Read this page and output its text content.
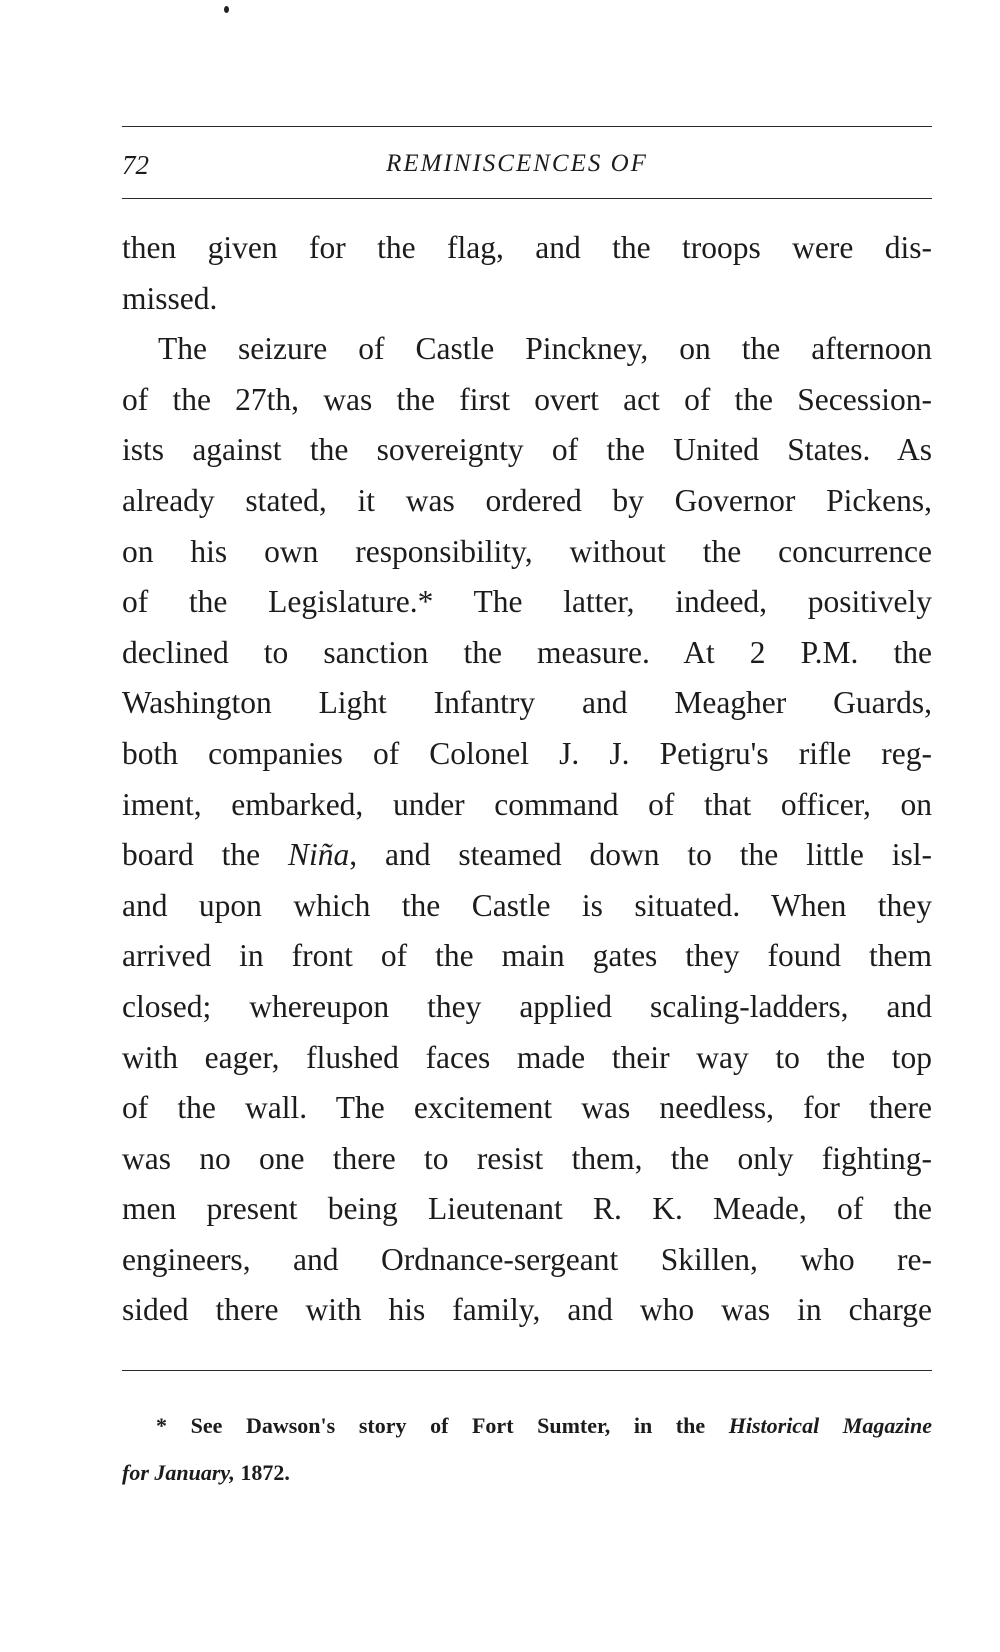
72	REMINISCENCES OF
then given for the flag, and the troops were dis-
missed.
The seizure of Castle Pinckney, on the afternoon
of the 27th, was the first overt act of the Secession-
ists against the sovereignty of the United States. As
already stated, it was ordered by Governor Pickens,
on his own responsibility, without the concurrence
of the Legislature.* The latter, indeed, positively
declined to sanction the measure. At 2 P.M. the
Washington Light Infantry and Meagher Guards,
both companies of Colonel J. J. Petigru's rifle reg-
iment, embarked, under command of that officer, on
board the Niña, and steamed down to the little isl-
and upon which the Castle is situated. When they
arrived in front of the main gates they found them
closed; whereupon they applied scaling-ladders, and
with eager, flushed faces made their way to the top
of the wall. The excitement was needless, for there
was no one there to resist them, the only fighting-
men present being Lieutenant R. K. Meade, of the
engineers, and Ordnance-sergeant Skillen, who re-
sided there with his family, and who was in charge
* See Dawson's story of Fort Sumter, in the Historical Magazine
for January, 1872.
